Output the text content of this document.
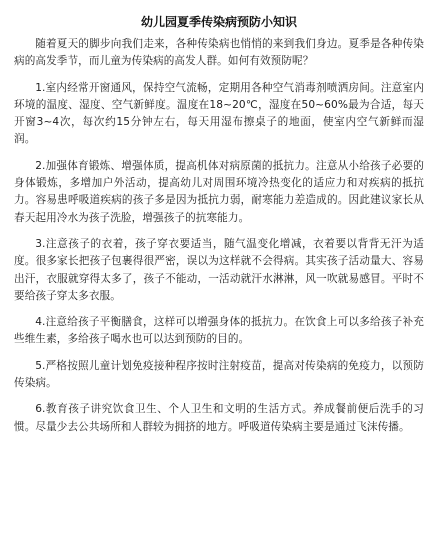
幼儿园夏季传染病预防小知识

随着夏天的脚步向我们走来，各种传染病也悄悄的来到我们身边。夏季是各种传染病的高发季节，而儿童为传染病的高发人群。如何有效预防呢？

1.室内经常开窗通风，保持空气流畅，定期用各种空气消毒剂喷洒房间。注意室内环境的温度、湿度、空气新鲜度。温度在18~20℃，湿度在50~60%最为合适，每天开窗3~4次，每次约15分钟左右，每天用湿布擦桌子的地面，使室内空气新鲜而湿润。

2.加强体育锻炼、增强体质，提高机体对病原菌的抵抗力。注意从小给孩子必要的身体锻炼，多增加户外活动，提高幼儿对周围环境冷热变化的适应力和对疾病的抵抗力。容易患呼吸道疾病的孩子多是因为抵抗力弱，耐寒能力差造成的。因此建议家长从春天起用冷水为孩子洗脸，增强孩子的抗寒能力。

3.注意孩子的衣着，孩子穿衣要适当，随气温变化增减，衣着要以背背无汗为适度。很多家长把孩子包裹得很严密，误以为这样就不会得病。其实孩子活动量大、容易出汗，衣服就穿得太多了，孩子不能动，一活动就汗水淋淋，风一吹就易感冒。平时不要给孩子穿太多衣服。

4.注意给孩子平衡膳食，这样可以增强身体的抵抗力。在饮食上可以多给孩子补充些维生素，多给孩子喝水也可以达到预防的目的。

5.严格按照儿童计划免疫接种程序按时注射疫苗，提高对传染病的免疫力，以预防传染病。

6.教育孩子讲究饮食卫生、个人卫生和文明的生活方式。养成餐前便后洗手的习惯。尽量少去公共场所和人群较为拥挤的地方。呼吸道传染病主要是通过飞沫传播。
